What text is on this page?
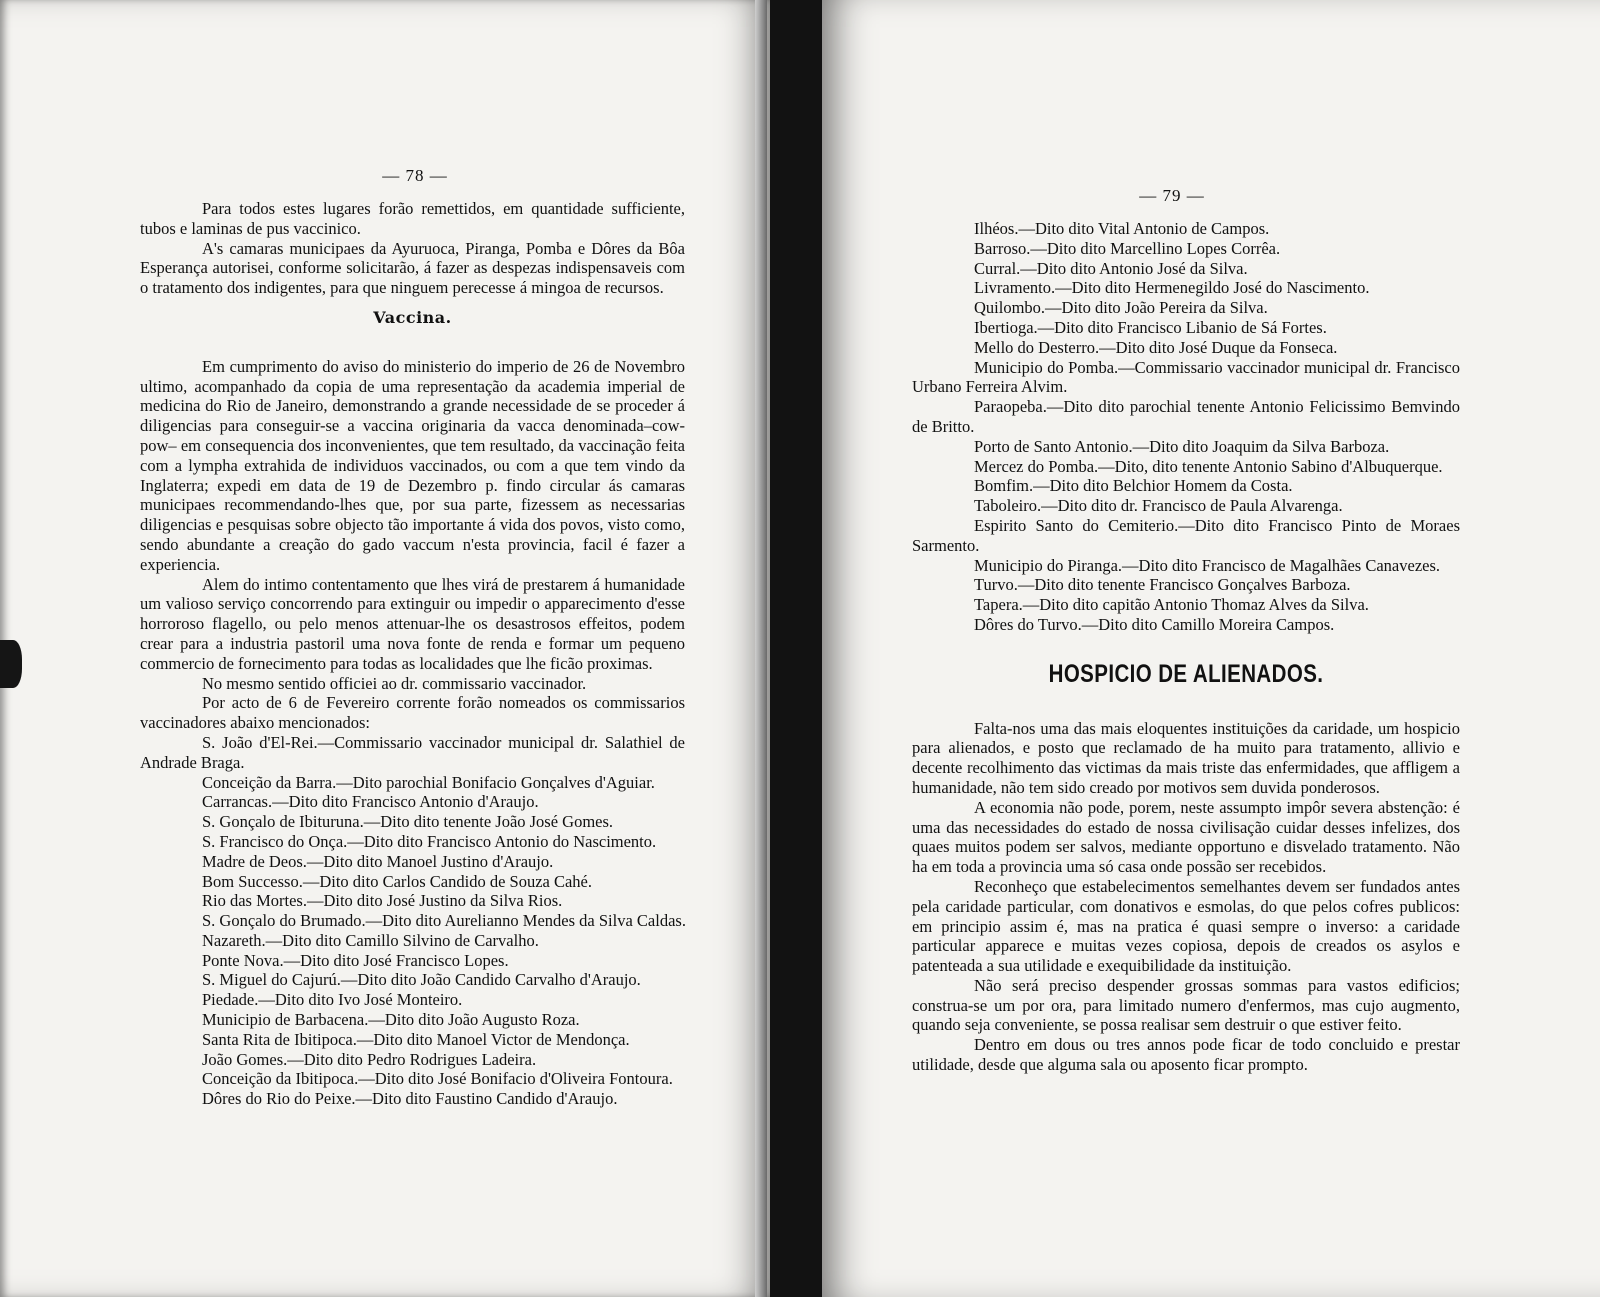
— 78 —

Para todos estes lugares forão remettidos, em quantidade sufficiente, tubos e laminas de pus vaccinico.

A's camaras municipaes da Ayuruoca, Piranga, Pomba e Dôres da Bôa Esperança autorisei, conforme solicitarão, á fazer as despezas indispensaveis com o tratamento dos indigentes, para que ninguem perecesse á mingoa de recursos.

Vaccina.

Em cumprimento do aviso do ministerio do imperio de 26 de Novembro ultimo, acompanhado da copia de uma representação da academia imperial de medicina do Rio de Janeiro, demonstrando a grande necessidade de se proceder á diligencias para conseguir-se a vaccina originaria da vacca denominada–cow-pow– em consequencia dos inconvenientes, que tem resultado, da vaccinação feita com a lympha extrahida de individuos vaccinados, ou com a que tem vindo da Inglaterra; expedi em data de 19 de Dezembro p. findo circular ás camaras municipaes recommendando-lhes que, por sua parte, fizessem as necessarias diligencias e pesquisas sobre objecto tão importante á vida dos povos, visto como, sendo abundante a creação do gado vaccum n'esta provincia, facil é fazer a experiencia.

Alem do intimo contentamento que lhes virá de prestarem á humanidade um valioso serviço concorrendo para extinguir ou impedir o apparecimento d'esse horroroso flagello, ou pelo menos attenuar-lhe os desastrosos effeitos, podem crear para a industria pastoril uma nova fonte de renda e formar um pequeno commercio de fornecimento para todas as localidades que lhe ficão proximas.

No mesmo sentido officiei ao dr. commissario vaccinador.

Por acto de 6 de Fevereiro corrente forão nomeados os commissarios vaccinadores abaixo mencionados:

S. João d'El-Rei.—Commissario vaccinador municipal dr. Salathiel de Andrade Braga.

Conceição da Barra.—Dito parochial Bonifacio Gonçalves d'Aguiar.

Carrancas.—Dito dito Francisco Antonio d'Araujo.

S. Gonçalo de Ibituruna.—Dito dito tenente João José Gomes.

S. Francisco do Onça.—Dito dito Francisco Antonio do Nascimento.

Madre de Deos.—Dito dito Manoel Justino d'Araujo.

Bom Successo.—Dito dito Carlos Candido de Souza Cahé.

Rio das Mortes.—Dito dito José Justino da Silva Rios.

S. Gonçalo do Brumado.—Dito dito Aurelianno Mendes da Silva Caldas.

Nazareth.—Dito dito Camillo Silvino de Carvalho.

Ponte Nova.—Dito dito José Francisco Lopes.

S. Miguel do Cajurú.—Dito dito João Candido Carvalho d'Araujo.

Piedade.—Dito dito Ivo José Monteiro.

Municipio de Barbacena.—Dito dito João Augusto Roza.

Santa Rita de Ibitipoca.—Dito dito Manoel Victor de Mendonça.

João Gomes.—Dito dito Pedro Rodrigues Ladeira.

Conceição da Ibitipoca.—Dito dito José Bonifacio d'Oliveira Fontoura.

Dôres do Rio do Peixe.—Dito dito Faustino Candido d'Araujo.

— 79 —

Ilhéos.—Dito dito Vital Antonio de Campos.

Barroso.—Dito dito Marcellino Lopes Corrêa.

Curral.—Dito dito Antonio José da Silva.

Livramento.—Dito dito Hermenegildo José do Nascimento.

Quilombo.—Dito dito João Pereira da Silva.

Ibertioga.—Dito dito Francisco Libanio de Sá Fortes.

Mello do Desterro.—Dito dito José Duque da Fonseca.

Municipio do Pomba.—Commissario vaccinador municipal dr. Francisco Urbano Ferreira Alvim.

Paraopeba.—Dito dito parochial tenente Antonio Felicissimo Bemvindo de Britto.

Porto de Santo Antonio.—Dito dito Joaquim da Silva Barboza.

Mercez do Pomba.—Dito, dito tenente Antonio Sabino d'Albuquerque.

Bomfim.—Dito dito Belchior Homem da Costa.

Taboleiro.—Dito dito dr. Francisco de Paula Alvarenga.

Espirito Santo do Cemiterio.—Dito dito Francisco Pinto de Moraes Sarmento.

Municipio do Piranga.—Dito dito Francisco de Magalhães Canavezes.

Turvo.—Dito dito tenente Francisco Gonçalves Barboza.

Tapera.—Dito dito capitão Antonio Thomaz Alves da Silva.

Dôres do Turvo.—Dito dito Camillo Moreira Campos.

HOSPICIO DE ALIENADOS.

Falta-nos uma das mais eloquentes instituições da caridade, um hospicio para alienados, e posto que reclamado de ha muito para tratamento, allivio e decente recolhimento das victimas da mais triste das enfermidades, que affligem a humanidade, não tem sido creado por motivos sem duvida ponderosos.

A economia não pode, porem, neste assumpto impôr severa abstenção: é uma das necessidades do estado de nossa civilisação cuidar desses infelizes, dos quaes muitos podem ser salvos, mediante opportuno e disvelado tratamento. Não ha em toda a provincia uma só casa onde possão ser recebidos.

Reconheço que estabelecimentos semelhantes devem ser fundados antes pela caridade particular, com donativos e esmolas, do que pelos cofres publicos: em principio assim é, mas na pratica é quasi sempre o inverso: a caridade particular apparece e muitas vezes copiosa, depois de creados os asylos e patenteada a sua utilidade e exequibilidade da instituição.

Não será preciso despender grossas sommas para vastos edificios; construa-se um por ora, para limitado numero d'enfermos, mas cujo augmento, quando seja conveniente, se possa realisar sem destruir o que estiver feito.

Dentro em dous ou tres annos pode ficar de todo concluido e prestar utilidade, desde que alguma sala ou aposento ficar prompto.
